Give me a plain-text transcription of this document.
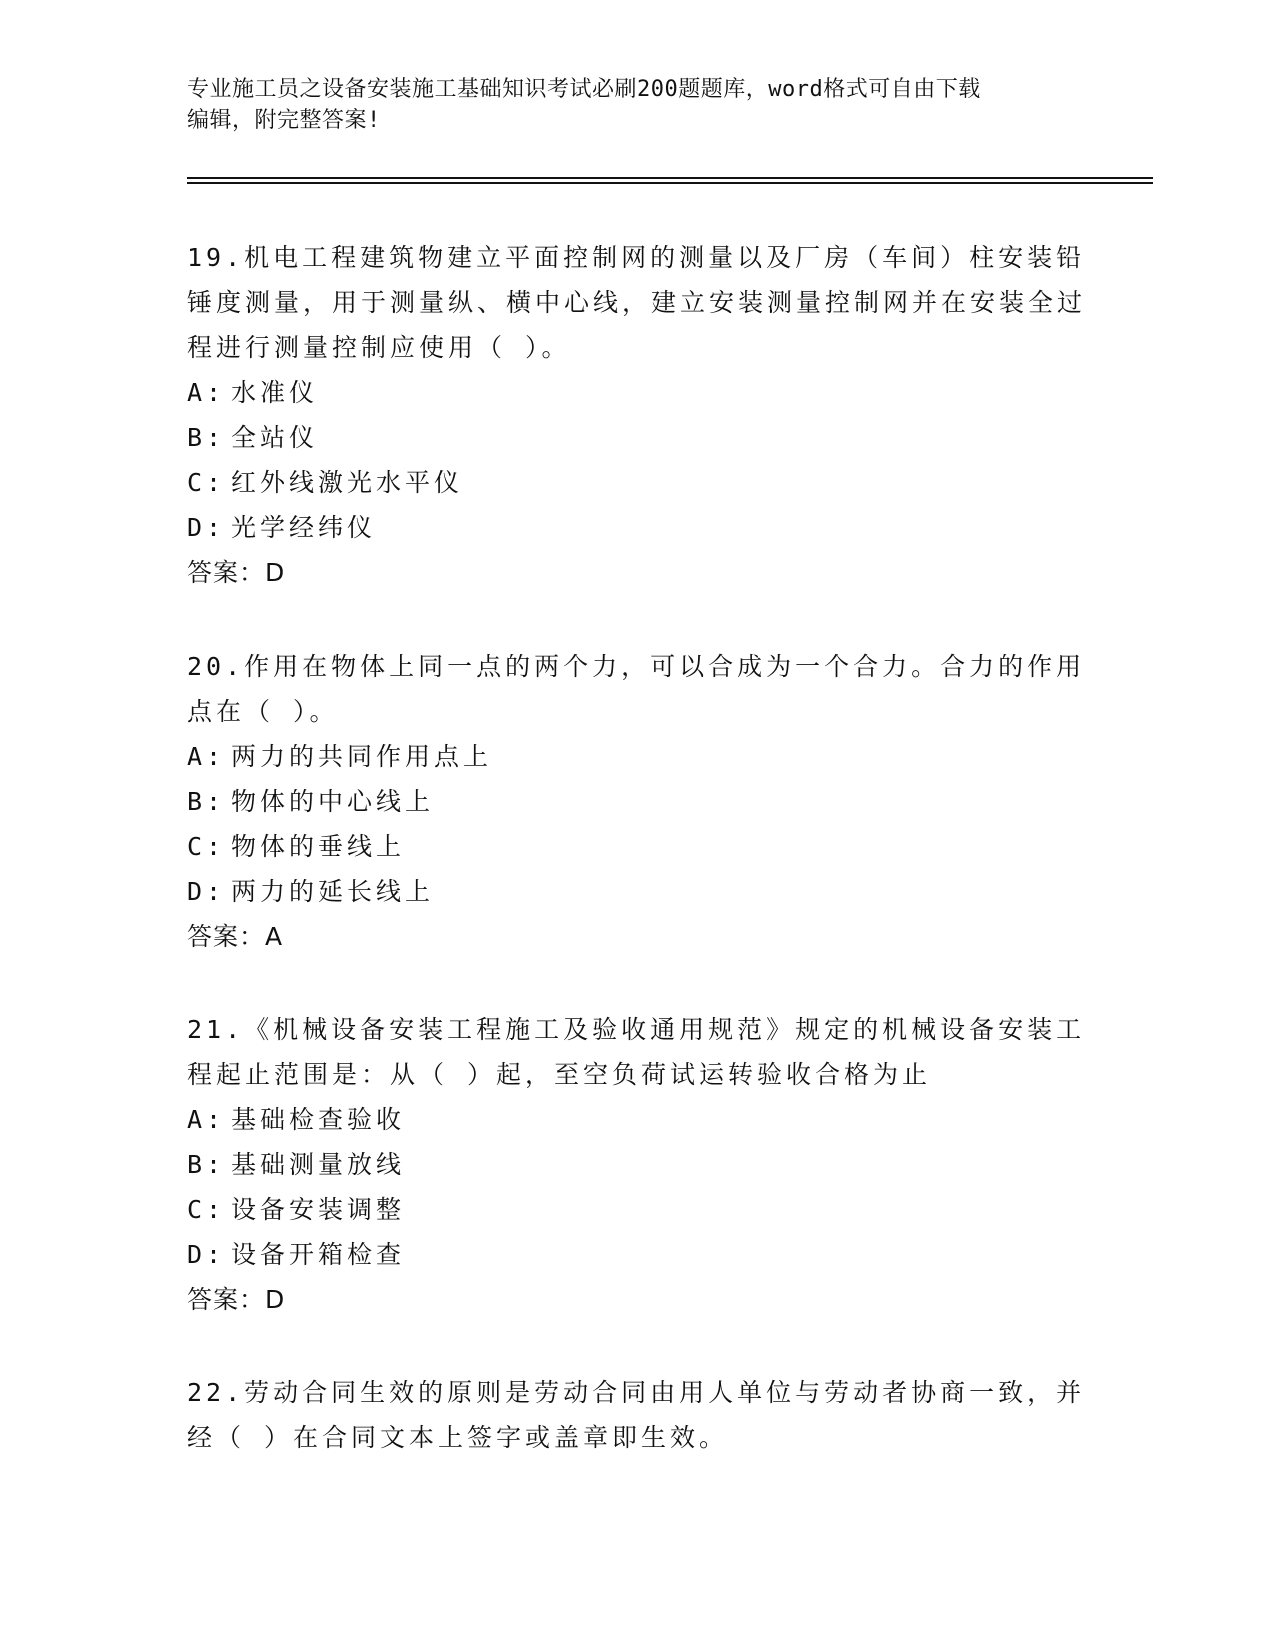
专业施工员之设备安装施工基础知识考试必刷200题题库，word格式可自由下载
编辑，附完整答案!
19.机电工程建筑物建立平面控制网的测量以及厂房（车间）柱安装铅锤度测量，用于测量纵、横中心线，建立安装测量控制网并在安装全过程进行测量控制应使用（ ）。
A: 水准仪
B: 全站仪
C: 红外线激光水平仪
D: 光学经纬仪
答案：D
20.作用在物体上同一点的两个力，可以合成为一个合力。合力的作用点在（ ）。
A: 两力的共同作用点上
B: 物体的中心线上
C: 物体的垂线上
D: 两力的延长线上
答案：A
21.《机械设备安装工程施工及验收通用规范》规定的机械设备安装工程起止范围是：从（ ）起，至空负荷试运转验收合格为止
A: 基础检查验收
B: 基础测量放线
C: 设备安装调整
D: 设备开箱检查
答案：D
22.劳动合同生效的原则是劳动合同由用人单位与劳动者协商一致，并经（ ）在合同文本上签字或盖章即生效。
